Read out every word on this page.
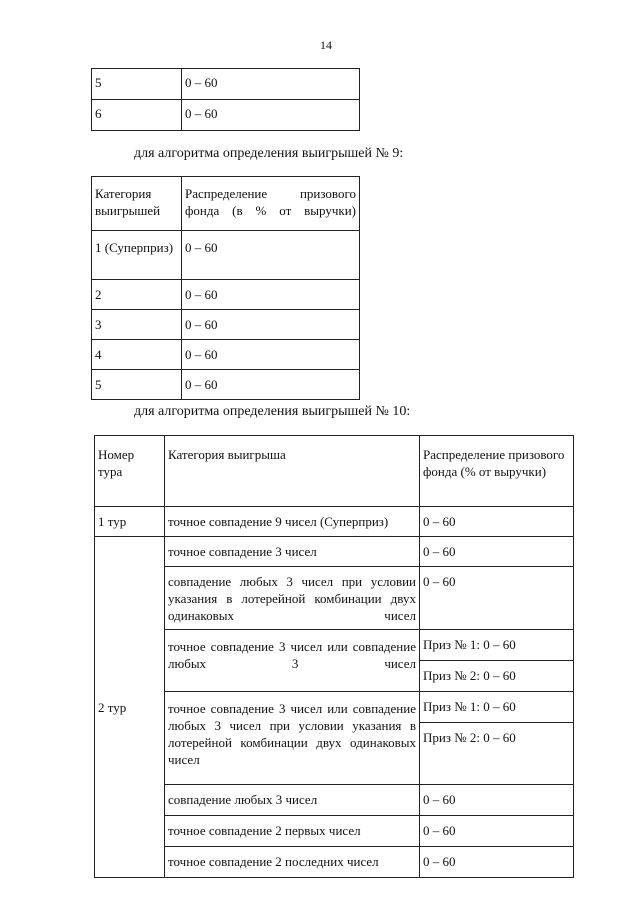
14
5	0 – 60
6	0 – 60
для алгоритма определения выигрышей № 9:
Категория выигрышей	Распределение призового фонда (в % от выручки)
1 (Суперприз)	0 – 60
2	0 – 60
3	0 – 60
4	0 – 60
5	0 – 60
для алгоритма определения выигрышей № 10:
Номер тура	Категория выигрыша	Распределение призового фонда (% от выручки)
1 тур	точное совпадение 9 чисел (Суперприз)	0 – 60
2 тур	точное совпадение 3 чисел	0 – 60
	совпадение любых 3 чисел при условии указания в лотерейной комбинации двух одинаковых чисел	0 – 60
	точное совпадение 3 чисел или совпадение любых 3 чисел	Приз № 1: 0 – 60
		Приз № 2: 0 – 60
	точное совпадение 3 чисел или совпадение любых 3 чисел при условии указания в лотерейной комбинации двух одинаковых чисел	Приз № 1: 0 – 60
		Приз № 2: 0 – 60
	совпадение любых 3 чисел	0 – 60
	точное совпадение 2 первых чисел	0 – 60
	точное совпадение 2 последних чисел	0 – 60
